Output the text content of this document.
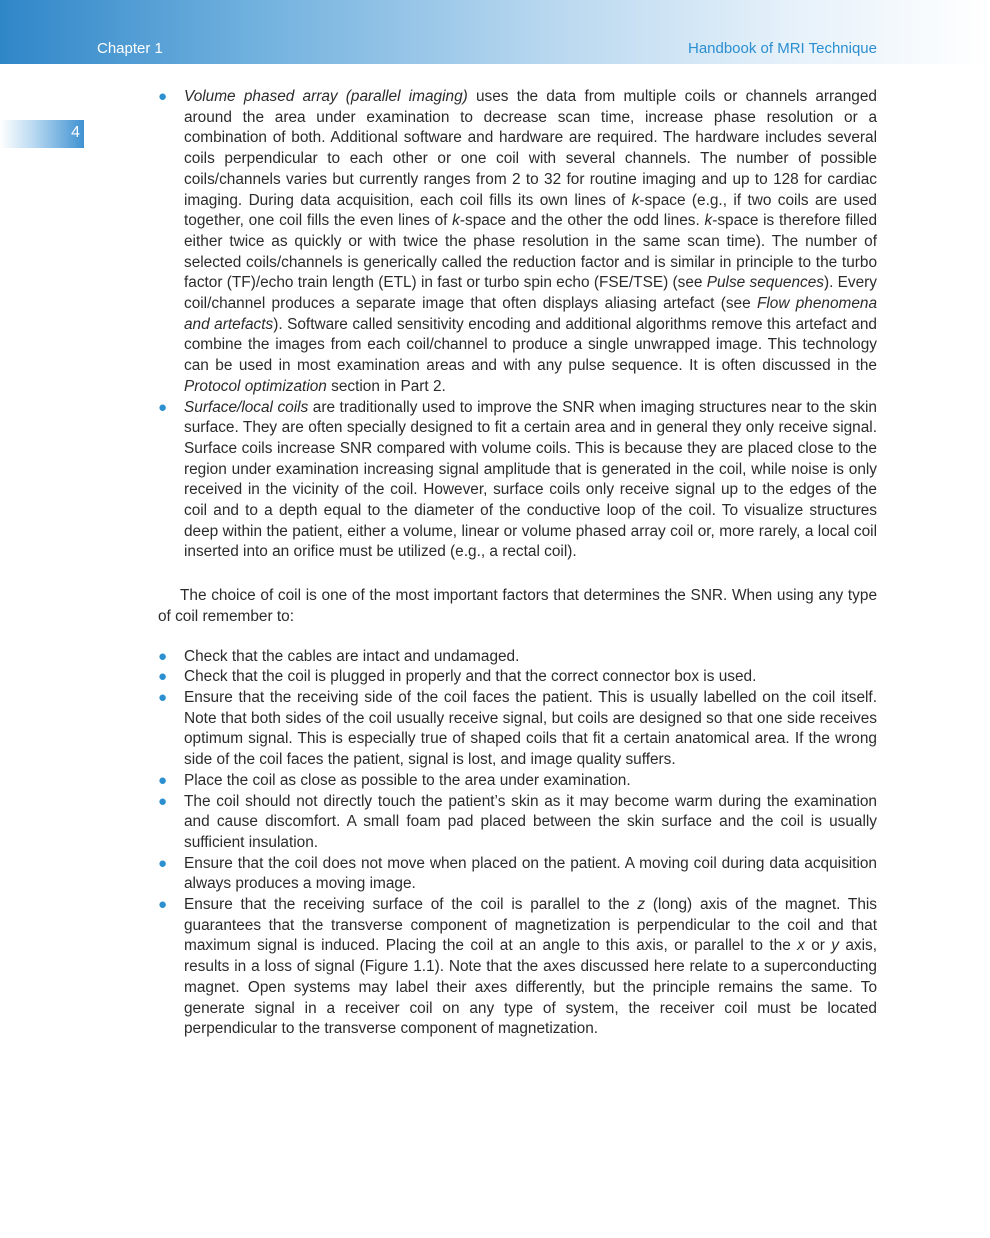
Chapter 1	Handbook of MRI Technique
4
● Volume phased array (parallel imaging) uses the data from multiple coils or channels arranged around the area under examination to decrease scan time, increase phase resolution or a combination of both. Additional software and hardware are required. The hardware includes several coils perpendicular to each other or one coil with several channels. The number of possible coils/channels varies but currently ranges from 2 to 32 for routine imaging and up to 128 for cardiac imaging. During data acquisition, each coil fills its own lines of k-space (e.g., if two coils are used together, one coil fills the even lines of k-space and the other the odd lines. k-space is therefore filled either twice as quickly or with twice the phase resolution in the same scan time). The number of selected coils/channels is generically called the reduction factor and is similar in principle to the turbo factor (TF)/echo train length (ETL) in fast or turbo spin echo (FSE/TSE) (see Pulse sequences). Every coil/channel produces a separate image that often displays aliasing artefact (see Flow phenomena and artefacts). Software called sensitivity encoding and additional algorithms remove this artefact and combine the images from each coil/channel to produce a single unwrapped image. This technology can be used in most examination areas and with any pulse sequence. It is often discussed in the Protocol optimization section in Part 2.
● Surface/local coils are traditionally used to improve the SNR when imaging structures near to the skin surface. They are often specially designed to fit a certain area and in general they only receive signal. Surface coils increase SNR compared with volume coils. This is because they are placed close to the region under examination increasing signal amplitude that is generated in the coil, while noise is only received in the vicinity of the coil. However, surface coils only receive signal up to the edges of the coil and to a depth equal to the diameter of the conductive loop of the coil. To visualize structures deep within the patient, either a volume, linear or volume phased array coil or, more rarely, a local coil inserted into an orifice must be utilized (e.g., a rectal coil).

The choice of coil is one of the most important factors that determines the SNR. When using any type of coil remember to:

● Check that the cables are intact and undamaged.
● Check that the coil is plugged in properly and that the correct connector box is used.
● Ensure that the receiving side of the coil faces the patient. This is usually labelled on the coil itself. Note that both sides of the coil usually receive signal, but coils are designed so that one side receives optimum signal. This is especially true of shaped coils that fit a certain anatomical area. If the wrong side of the coil faces the patient, signal is lost, and image quality suffers.
● Place the coil as close as possible to the area under examination.
● The coil should not directly touch the patient’s skin as it may become warm during the examination and cause discomfort. A small foam pad placed between the skin surface and the coil is usually sufficient insulation.
● Ensure that the coil does not move when placed on the patient. A moving coil during data acquisition always produces a moving image.
● Ensure that the receiving surface of the coil is parallel to the z (long) axis of the magnet. This guarantees that the transverse component of magnetization is perpendicular to the coil and that maximum signal is induced. Placing the coil at an angle to this axis, or parallel to the x or y axis, results in a loss of signal (Figure 1.1). Note that the axes discussed here relate to a superconducting magnet. Open systems may label their axes differently, but the principle remains the same. To generate signal in a receiver coil on any type of system, the receiver coil must be located perpendicular to the transverse component of magnetization.
